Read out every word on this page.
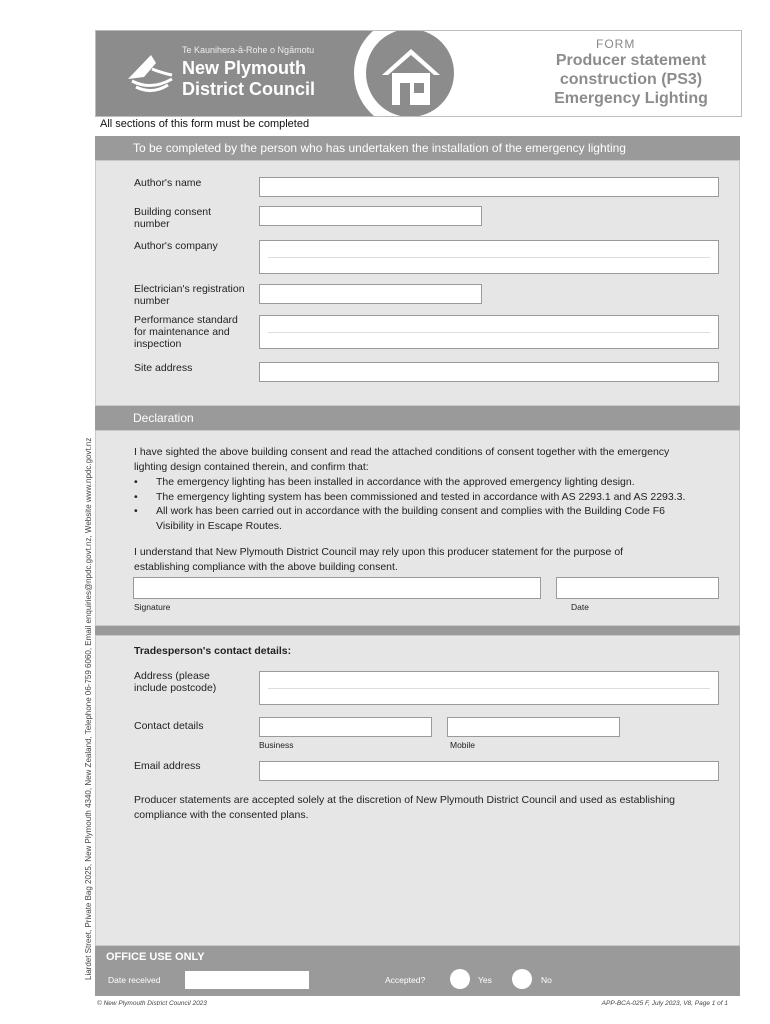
Te Kaunihera-ā-Rohe o Ngāmotu
New Plymouth
District Council
FORM
Producer statement
construction (PS3)
Emergency Lighting
All sections of this form must be completed
To be completed by the person who has undertaken the installation of the emergency lighting
Author's name
Building consent
number
Author's company
Electrician's registration
number
Performance standard
for maintenance and
inspection
Site address
Declaration
I have sighted the above building consent and read the attached conditions of consent together with the emergency
lighting design contained therein, and confirm that:
•	The emergency lighting has been installed in accordance with the approved emergency lighting design.
•	The emergency lighting system has been commissioned and tested in accordance with AS 2293.1 and AS 2293.3.
•	All work has been carried out in accordance with the building consent and complies with the Building Code F6
Visibility in Escape Routes.
I understand that New Plymouth District Council may rely upon this producer statement for the purpose of
establishing compliance with the above building consent.
Signature	Date
Tradesperson's contact details:
Address (please
include postcode)
Contact details
Business	Mobile
Email address
Producer statements are accepted solely at the discretion of New Plymouth District Council and used as establishing
compliance with the consented plans.
OFFICE USE ONLY
Date received	Accepted?	Yes	No
© New Plymouth District Council 2023	APP-BCA-025 F, July 2023, V8, Page 1 of 1
Liardet Street, Private Bag 2025, New Plymouth 4340, New Zealand, Telephone 06-759 6060, Email enquiries@npdc.govt.nz, Website www.npdc.govt.nz
